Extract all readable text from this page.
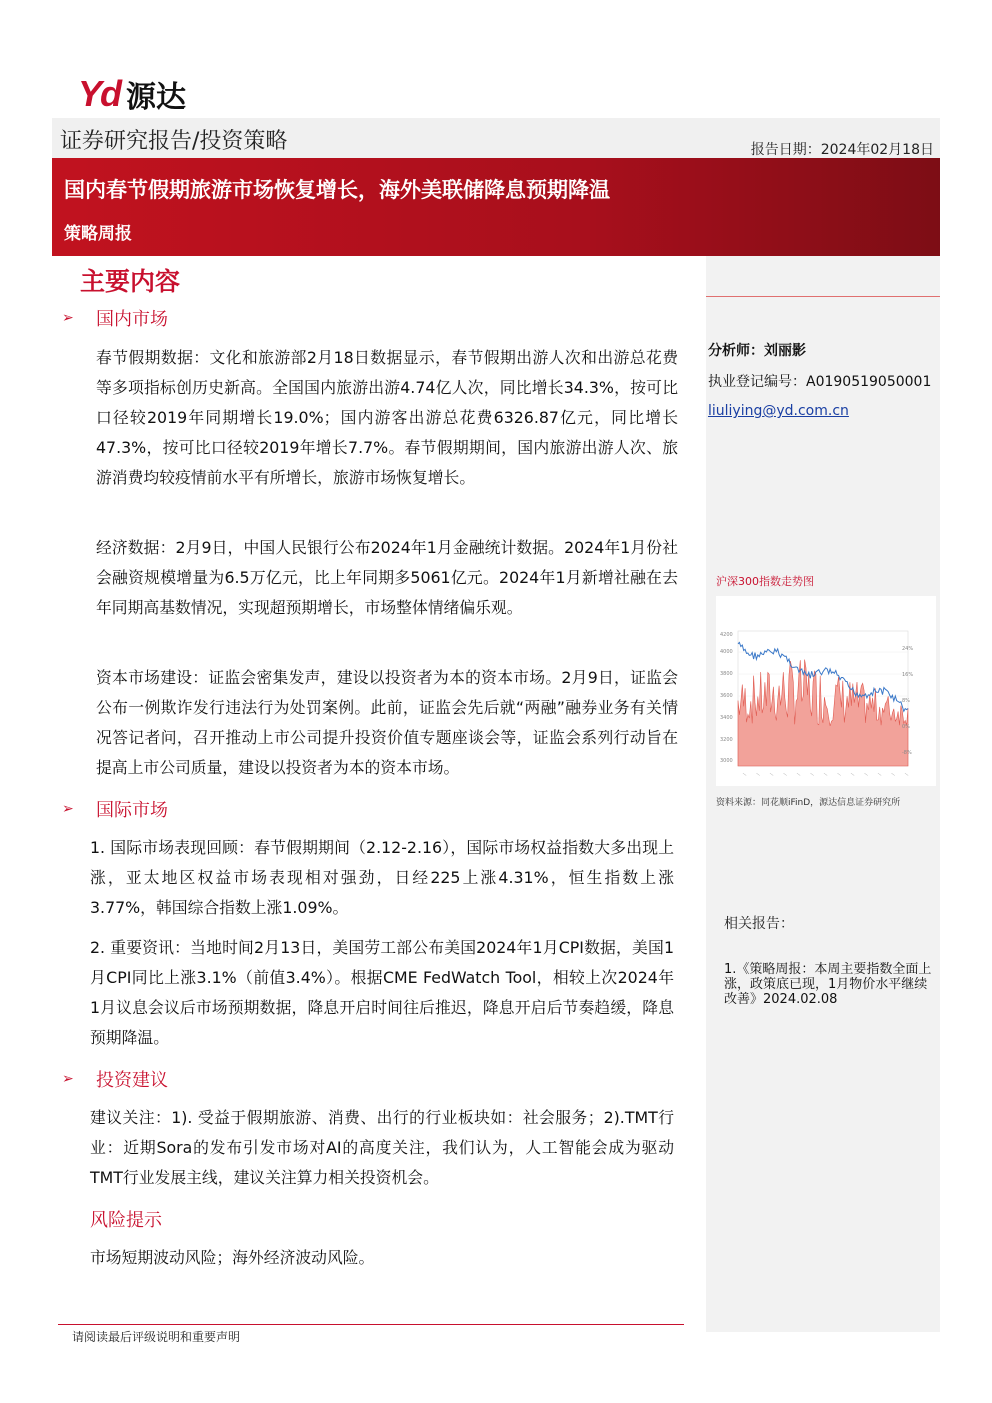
Yd 源达
证券研究报告/投资策略	报告日期：2024年02月18日
国内春节假期旅游市场恢复增长，海外美联储降息预期降温
策略周报
分析师：刘丽影
执业登记编号：A0190519050001
liuliying@yd.com.cn
沪深300指数走势图
4200
4000
3800
3600
3400
3200
3000
24%
16%
8%
0%
-8%
— — — — — — — — — — — — —
资料来源：同花顺iFinD，源达信息证券研究所
相关报告：
1.《策略周报：本周主要指数全面上涨，政策底已现，1月物价水平继续改善》2024.02.08
主要内容
➢	国内市场
春节假期数据：文化和旅游部2月18日数据显示，春节假期出游人次和出游总花费等多项指标创历史新高。全国国内旅游出游4.74亿人次，同比增长34.3%，按可比口径较2019年同期增长19.0%；国内游客出游总花费6326.87亿元，同比增长47.3%，按可比口径较2019年增长7.7%。春节假期期间，国内旅游出游人次、旅游消费均较疫情前水平有所增长，旅游市场恢复增长。
经济数据：2月9日，中国人民银行公布2024年1月金融统计数据。2024年1月份社会融资规模增量为6.5万亿元，比上年同期多5061亿元。2024年1月新增社融在去年同期高基数情况，实现超预期增长，市场整体情绪偏乐观。
资本市场建设：证监会密集发声，建设以投资者为本的资本市场。2月9日，证监会公布一例欺诈发行违法行为处罚案例。此前，证监会先后就“两融”融券业务有关情况答记者问，召开推动上市公司提升投资价值专题座谈会等，证监会系列行动旨在提高上市公司质量，建设以投资者为本的资本市场。
➢	国际市场
1. 国际市场表现回顾：春节假期期间（2.12-2.16），国际市场权益指数大多出现上涨，亚太地区权益市场表现相对强劲，日经225上涨4.31%，恒生指数上涨3.77%，韩国综合指数上涨1.09%。
2. 重要资讯：当地时间2月13日，美国劳工部公布美国2024年1月CPI数据，美国1月CPI同比上涨3.1%（前值3.4%）。根据CME FedWatch Tool，相较上次2024年1月议息会议后市场预期数据，降息开启时间往后推迟，降息开启后节奏趋缓，降息预期降温。
➢	投资建议
建议关注：1). 受益于假期旅游、消费、出行的行业板块如：社会服务；2).TMT行业：近期Sora的发布引发市场对AI的高度关注，我们认为，人工智能会成为驱动TMT行业发展主线，建议关注算力相关投资机会。
风险提示
市场短期波动风险；海外经济波动风险。
请阅读最后评级说明和重要声明
